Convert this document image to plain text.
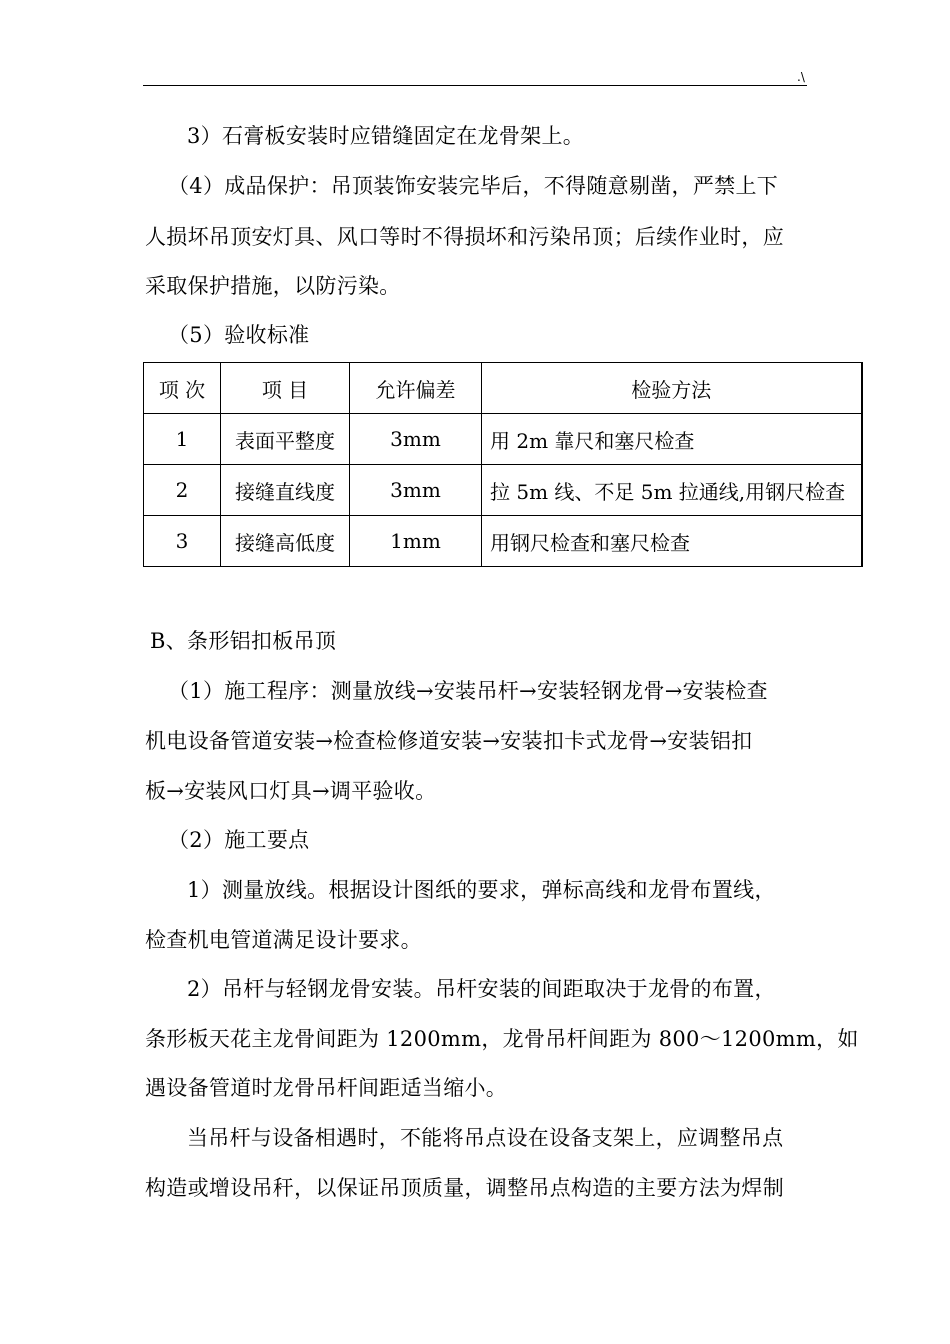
.\
3）石膏板安装时应错缝固定在龙骨架上。
（4）成品保护：吊顶装饰安装完毕后，不得随意剔凿，严禁上下
人损坏吊顶安灯具、风口等时不得损坏和污染吊顶；后续作业时，应
采取保护措施，以防污染。
（5）验收标准
项 次	项 目	允许偏差	检验方法
1	表面平整度	3mm	用 2m 靠尺和塞尺检查
2	接缝直线度	3mm	拉 5m 线、不足 5m 拉通线,用钢尺检查
3	接缝高低度	1mm	用钢尺检查和塞尺检查
B、条形铝扣板吊顶
（1）施工程序：测量放线→安装吊杆→安装轻钢龙骨→安装检查
机电设备管道安装→检查检修道安装→安装扣卡式龙骨→安装铝扣
板→安装风口灯具→调平验收。
（2）施工要点
1）测量放线。根据设计图纸的要求，弹标高线和龙骨布置线，
检查机电管道满足设计要求。
2）吊杆与轻钢龙骨安装。吊杆安装的间距取决于龙骨的布置，
条形板天花主龙骨间距为 1200mm，龙骨吊杆间距为 800～1200mm，如
遇设备管道时龙骨吊杆间距适当缩小。
当吊杆与设备相遇时，不能将吊点设在设备支架上，应调整吊点
构造或增设吊秆，以保证吊顶质量，调整吊点构造的主要方法为焊制
